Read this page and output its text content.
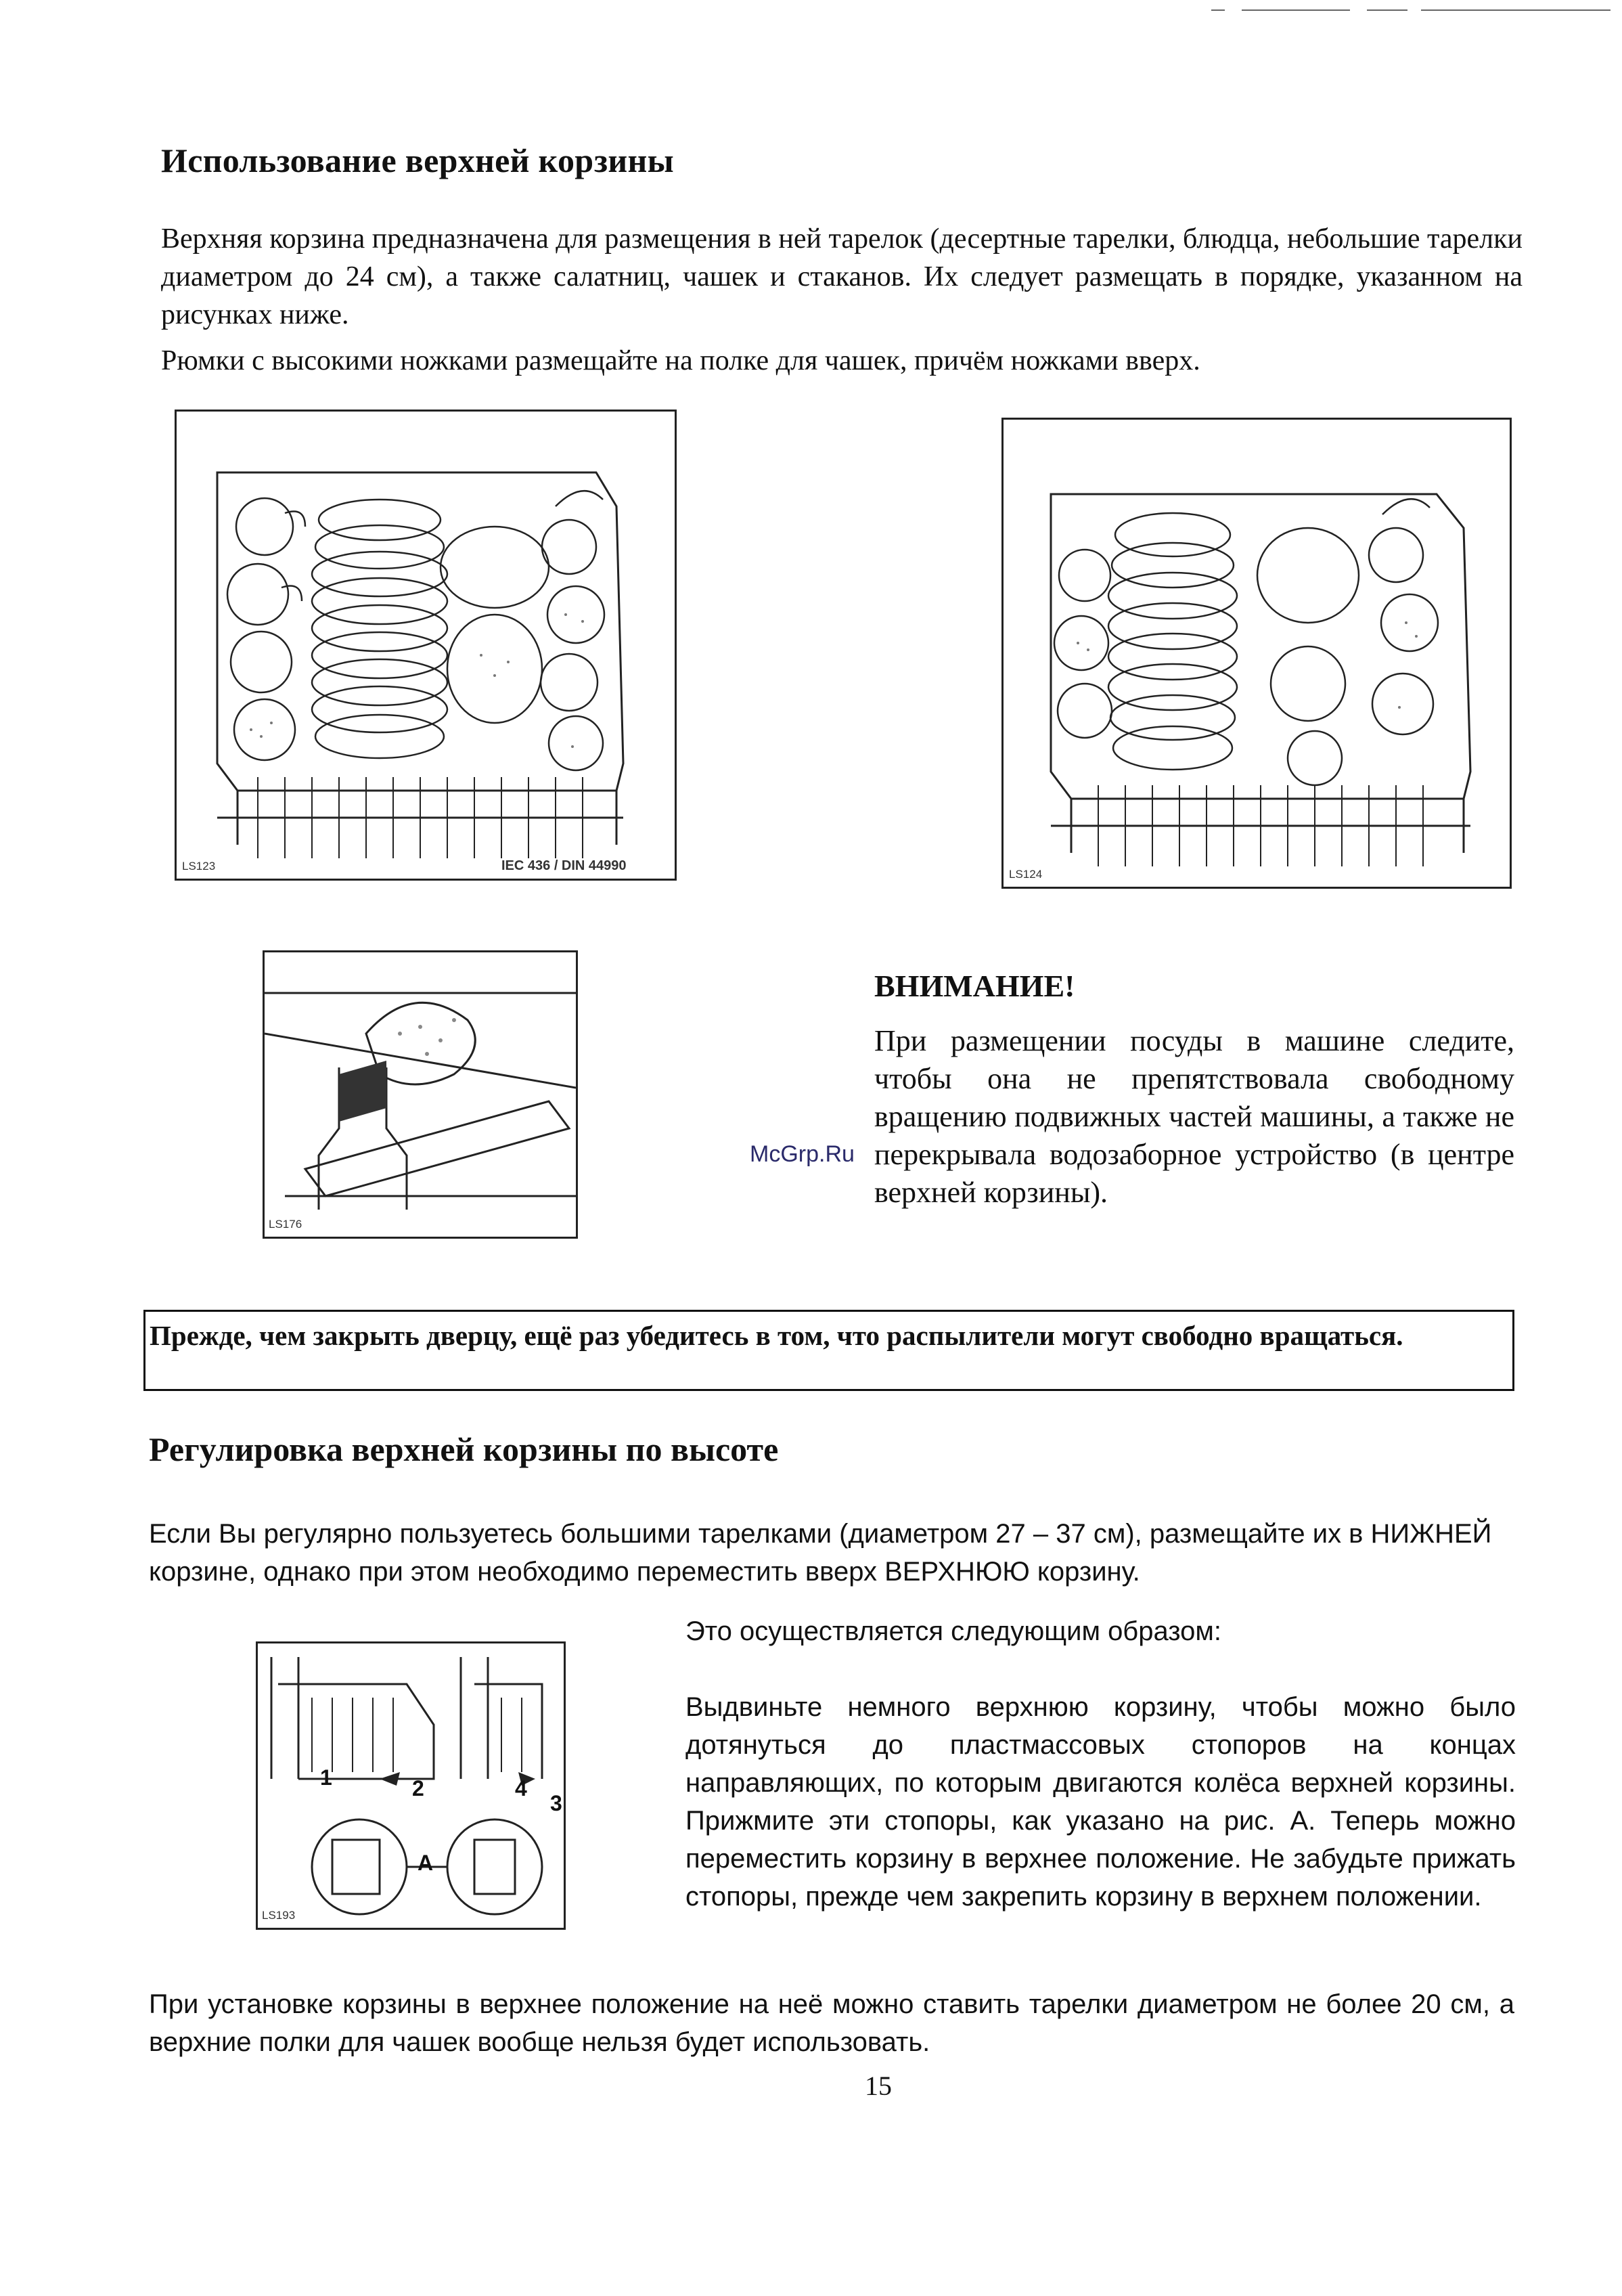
Использование верхней корзины
Верхняя корзина предназначена для размещения в ней тарелок (десертные тарелки, блюдца, небольшие тарелки диаметром до 24 см), а также салатниц, чашек и стаканов. Их следует размещать в порядке, указанном на рисунках ниже.
Рюмки с высокими ножками размещайте на полке для чашек, причём ножками вверх.
LS123	IEC 436 / DIN 44990
LS124
LS176
McGrp.Ru
ВНИМАНИЕ!
При размещении посуды в машине следите, чтобы она не препятствовала свободному вращению подвижных частей машины, а также не перекрывала водозаборное устройство (в центре верхней корзины).
Прежде, чем закрыть дверцу, ещё раз убедитесь в том, что распылители могут свободно вращаться.
Регулировка верхней корзины по высоте
Если Вы регулярно пользуетесь большими тарелками (диаметром 27 – 37 см), размещайте их в НИЖНЕЙ корзине, однако при этом необходимо переместить вверх ВЕРХНЮЮ корзину.
1	2
3
4
A
LS193

Это осуществляется следующим образом:

Выдвиньте немного верхнюю корзину, чтобы можно было дотянуться до пластмассовых стопоров на концах направляющих, по которым двигаются колёса верхней корзины. Прижмите эти стопоры, как указано на рис. А. Теперь можно переместить корзину в верхнее положение. Не забудьте прижать стопоры, прежде чем закрепить корзину в верхнем положении.

При установке корзины в верхнее положение на неё можно ставить тарелки диаметром не более 20 см, а верхние полки для чашек вообще нельзя будет использовать.
15
